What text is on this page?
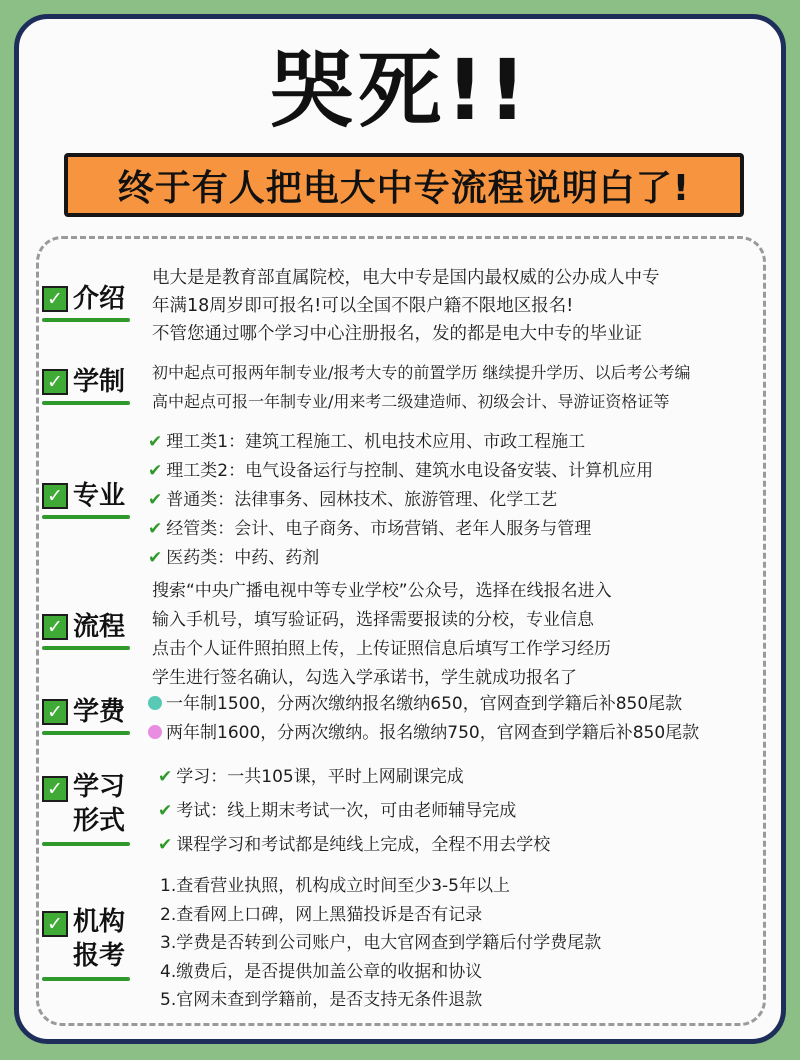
哭死!!
终于有人把电大中专流程说明白了!
✓ 介绍
电大是是教育部直属院校，电大中专是国内最权威的公办成人中专
年满18周岁即可报名!可以全国不限户籍不限地区报名!
不管您通过哪个学习中心注册报名，发的都是电大中专的毕业证
✓ 学制 初中起点可报两年制专业/报考大专的前置学历 继续提升学历、以后考公考编
高中起点可报一年制专业/用来考二级建造师、初级会计、导游证资格证等
✓ 专业
✔ 理工类1：建筑工程施工、机电技术应用、市政工程施工
✔ 理工类2：电气设备运行与控制、建筑水电设备安装、计算机应用
✔ 普通类：法律事务、园林技术、旅游管理、化学工艺
✔ 经管类：会计、电子商务、市场营销、老年人服务与管理
✔ 医药类：中药、药剂
✓ 流程
搜索“中央广播电视中等专业学校”公众号，选择在线报名进入
输入手机号，填写验证码，选择需要报读的分校，专业信息
点击个人证件照拍照上传，上传证照信息后填写工作学习经历
学生进行签名确认，勾选入学承诺书，学生就成功报名了
✓ 学费	一年制1500，分两次缴纳报名缴纳650，官网查到学籍后补850尾款
两年制1600，分两次缴纳。报名缴纳750，官网查到学籍后补850尾款
✓ 学习
形式
✔ 学习：一共105课，平时上网刷课完成
✔ 考试：线上期末考试一次，可由老师辅导完成
✔ 课程学习和考试都是纯线上完成，全程不用去学校
✓ 机构
报考
1.查看营业执照，机构成立时间至少3-5年以上
2.查看网上口碑，网上黑猫投诉是否有记录
3.学费是否转到公司账户，电大官网查到学籍后付学费尾款
4.缴费后，是否提供加盖公章的收据和协议
5.官网未查到学籍前，是否支持无条件退款
